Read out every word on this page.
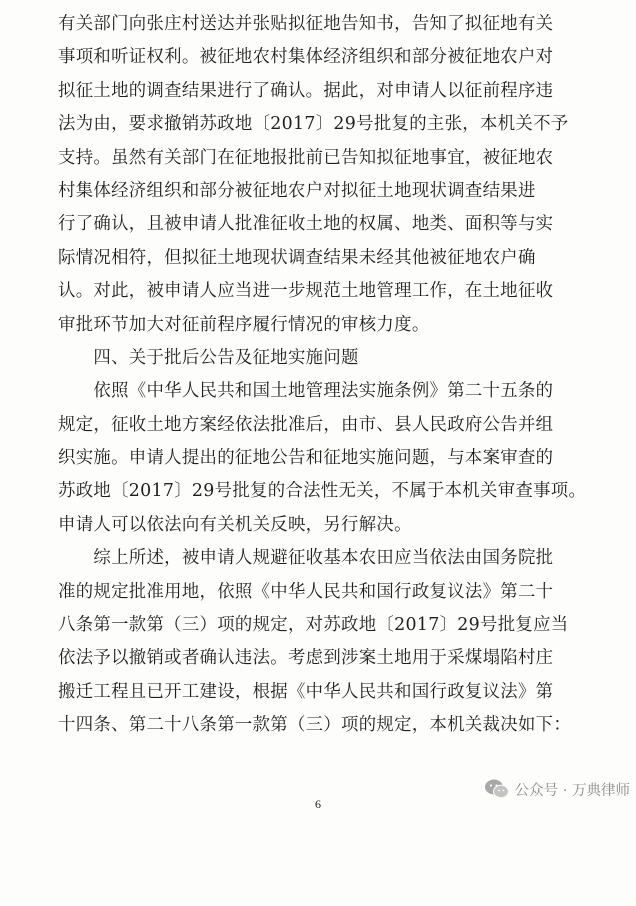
有关部门向张庄村送达并张贴拟征地告知书，告知了拟征地有关
事项和听证权利。被征地农村集体经济组织和部分被征地农户对
拟征土地的调查结果进行了确认。据此，对申请人以征前程序违
法为由，要求撤销苏政地〔2017〕29号批复的主张，本机关不予
支持。虽然有关部门在征地报批前已告知拟征地事宜，被征地农
村集体经济组织和部分被征地农户对拟征土地现状调查结果进
行了确认，且被申请人批准征收土地的权属、地类、面积等与实
际情况相符，但拟征土地现状调查结果未经其他被征地农户确
认。对此，被申请人应当进一步规范土地管理工作，在土地征收
审批环节加大对征前程序履行情况的审核力度。
　　四、关于批后公告及征地实施问题
　　依照《中华人民共和国土地管理法实施条例》第二十五条的
规定，征收土地方案经依法批准后，由市、县人民政府公告并组
织实施。申请人提出的征地公告和征地实施问题，与本案审查的
苏政地〔2017〕29号批复的合法性无关，不属于本机关审查事项。
申请人可以依法向有关机关反映，另行解决。
　　综上所述，被申请人规避征收基本农田应当依法由国务院批
准的规定批准用地，依照《中华人民共和国行政复议法》第二十
八条第一款第（三）项的规定，对苏政地〔2017〕29号批复应当
依法予以撤销或者确认违法。考虑到涉案土地用于采煤塌陷村庄
搬迁工程且已开工建设，根据《中华人民共和国行政复议法》第
十四条、第二十八条第一款第（三）项的规定，本机关裁决如下：
6
公众号 · 万典律师
